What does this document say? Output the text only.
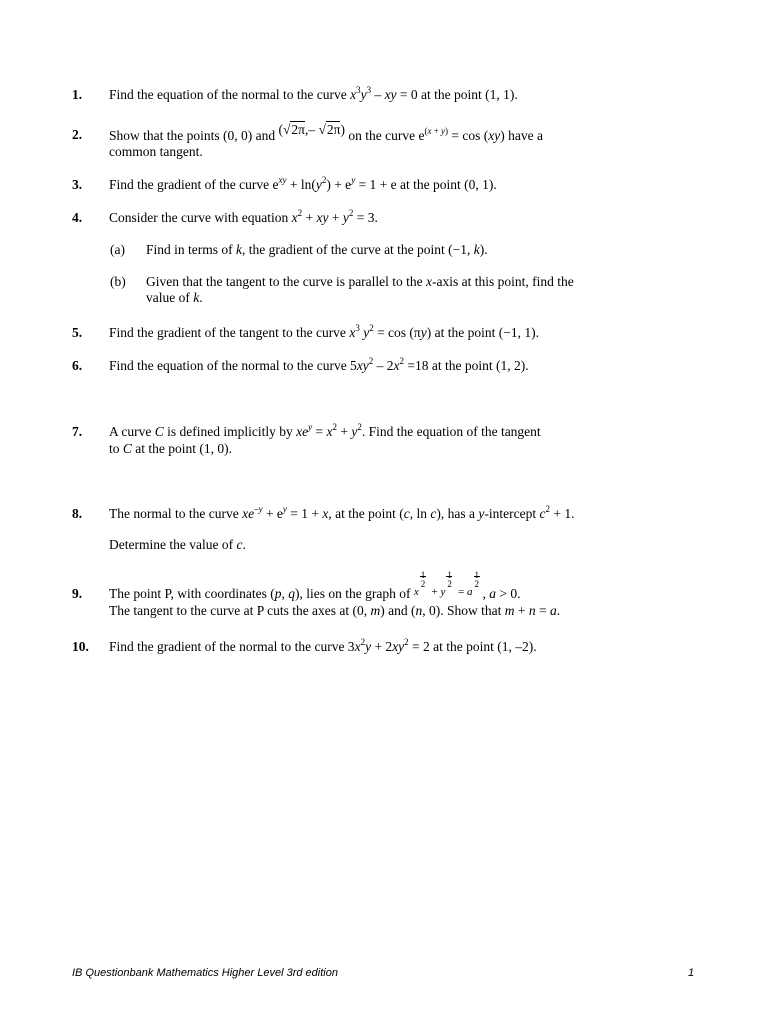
1. Find the equation of the normal to the curve $x^3y^3$ – xy = 0 at the point (1, 1).
2. Show that the points (0, 0) and (√2π,– √2π) on the curve $e^{(x + y)} = \cos (xy)$ have a
common tangent.
3. Find the gradient of the curve $e^{xy} + \ln(y^2) + e^y = 1 + e$ at the point (0, 1).
4. Consider the curve with equation $x^2$ + xy + $y^2 = 3$.
(a) Find in terms of k, the gradient of the curve at the point (−1, k).
(b) Given that the tangent to the curve is parallel to the x-axis at this point, find the
value of k.
5. Find the gradient of the tangent to the curve $x^3$ $y^2 = \cos (\pi y)$ at the point (−1, 1).
6. Find the equation of the normal to the curve $5xy^2 - 2x^2 =18$ at the point (1, 2).
7. A curve C is defined implicitly by $xe^y = x^2 + y^2$. Find the equation of the tangent
to C at the point (1, 0).
8. The normal to the curve $xe^{-y} + e^y = 1 + x$, at the point (c, ln c), has a y-intercept $c^2 + 1$.
Determine the value of c.
9. The point P, with coordinates (p, q), lies on the graph of $^{x 1 2 + y 1 2 = a 1 2}$
, a > 0.
The tangent to the curve at P cuts the axes at (0, m) and (n, 0). Show that m + n = a.
10. Find the gradient of the normal to the curve $3x^2y + 2xy^2 = 2$ at the point (1, –2).
IB Questionbank Mathematics Higher Level 3rd edition	1
